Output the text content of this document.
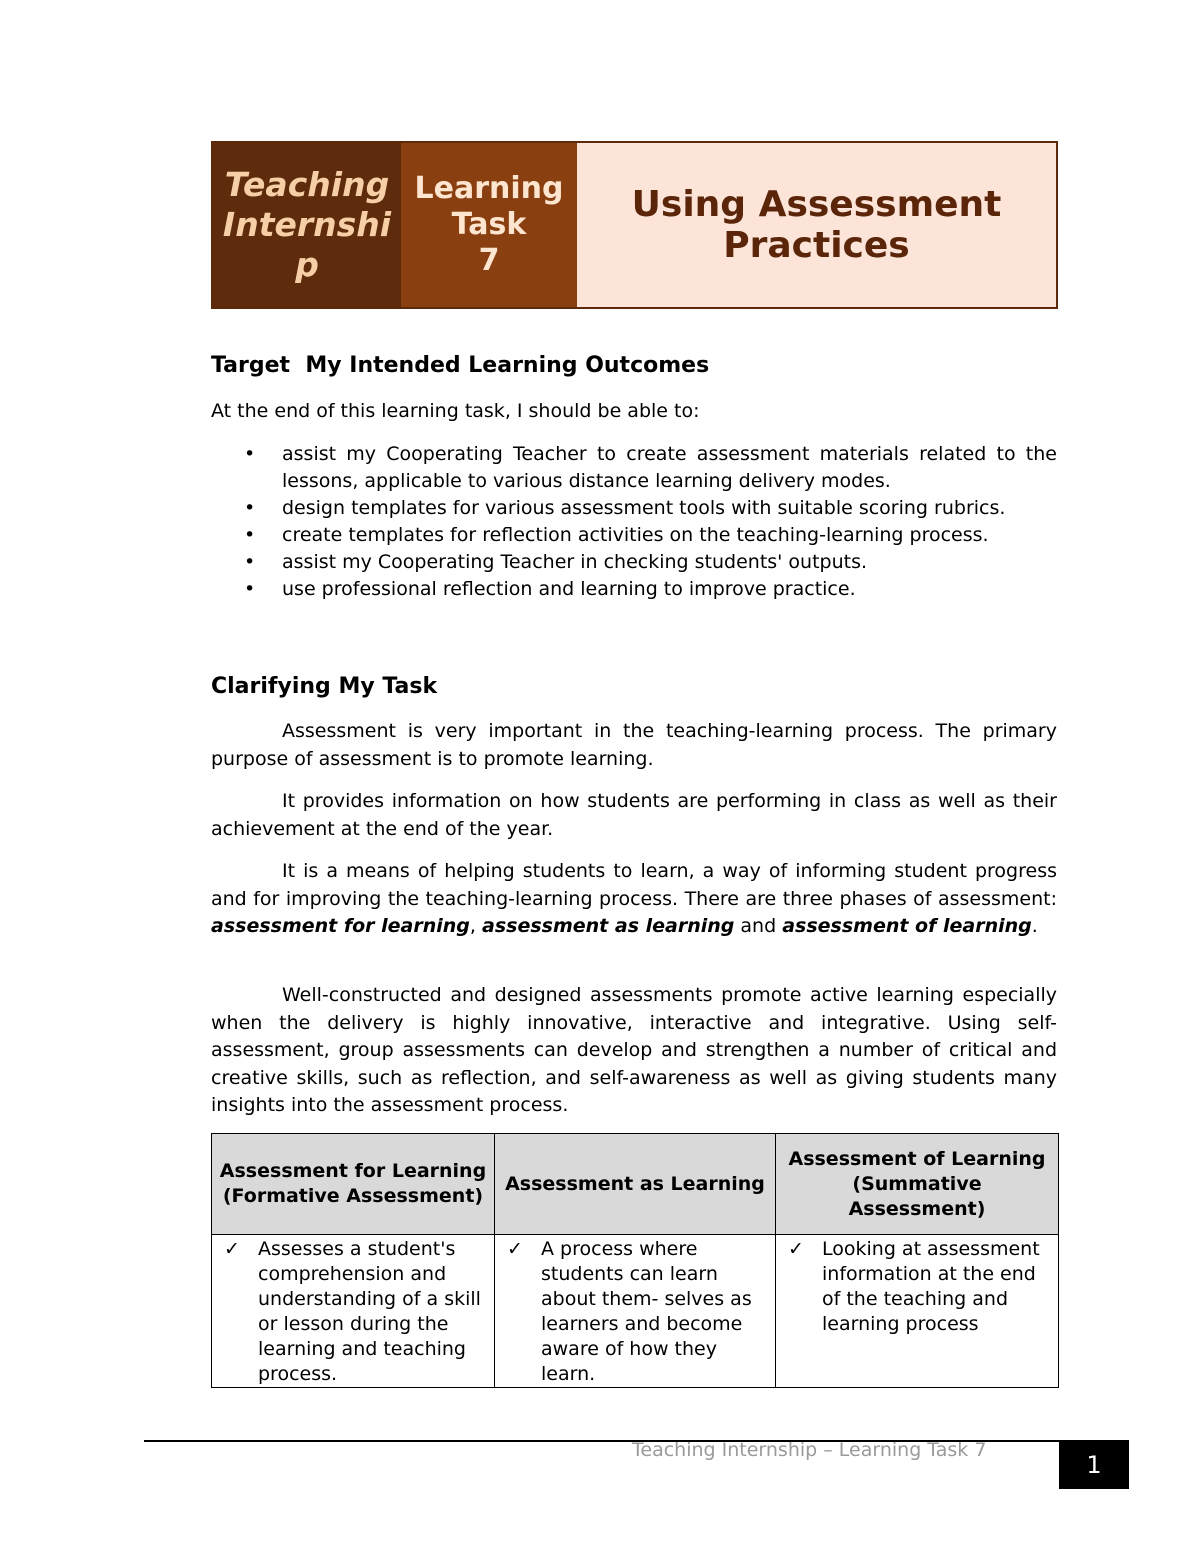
Teaching Internship
Learning
Task
7
Using Assessment
Practices
Target  My Intended Learning Outcomes

At the end of this learning task, I should be able to:

• assist my Cooperating Teacher to create assessment materials related to the lessons, applicable to various distance learning delivery modes.
• design templates for various assessment tools with suitable scoring rubrics.
• create templates for reflection activities on the teaching-learning process.
• assist my Cooperating Teacher in checking students' outputs.
• use professional reflection and learning to improve practice.
Clarifying My Task

Assessment is very important in the teaching-learning process. The primary purpose of assessment is to promote learning.

It provides information on how students are performing in class as well as their achievement at the end of the year.

It is a means of helping students to learn, a way of informing student progress and for improving the teaching-learning process. There are three phases of assessment: assessment for learning, assessment as learning and assessment of learning.

Well-constructed and designed assessments promote active learning especially when the delivery is highly innovative, interactive and integrative. Using self-assessment, group assessments can develop and strengthen a number of critical and creative skills, such as reflection, and self-awareness as well as giving students many insights into the assessment process.

Assessment for Learning (Formative Assessment)	Assessment as Learning	Assessment of Learning (Summative Assessment)

✓ Assesses a student's comprehension and understanding of a skill or lesson during the learning and teaching process.	✓ A process where students can learn about them- selves as learners and become aware of how they learn.	✓ Looking at assessment information at the end of the teaching and learning process
Teaching Internship – Learning Task 7
1
